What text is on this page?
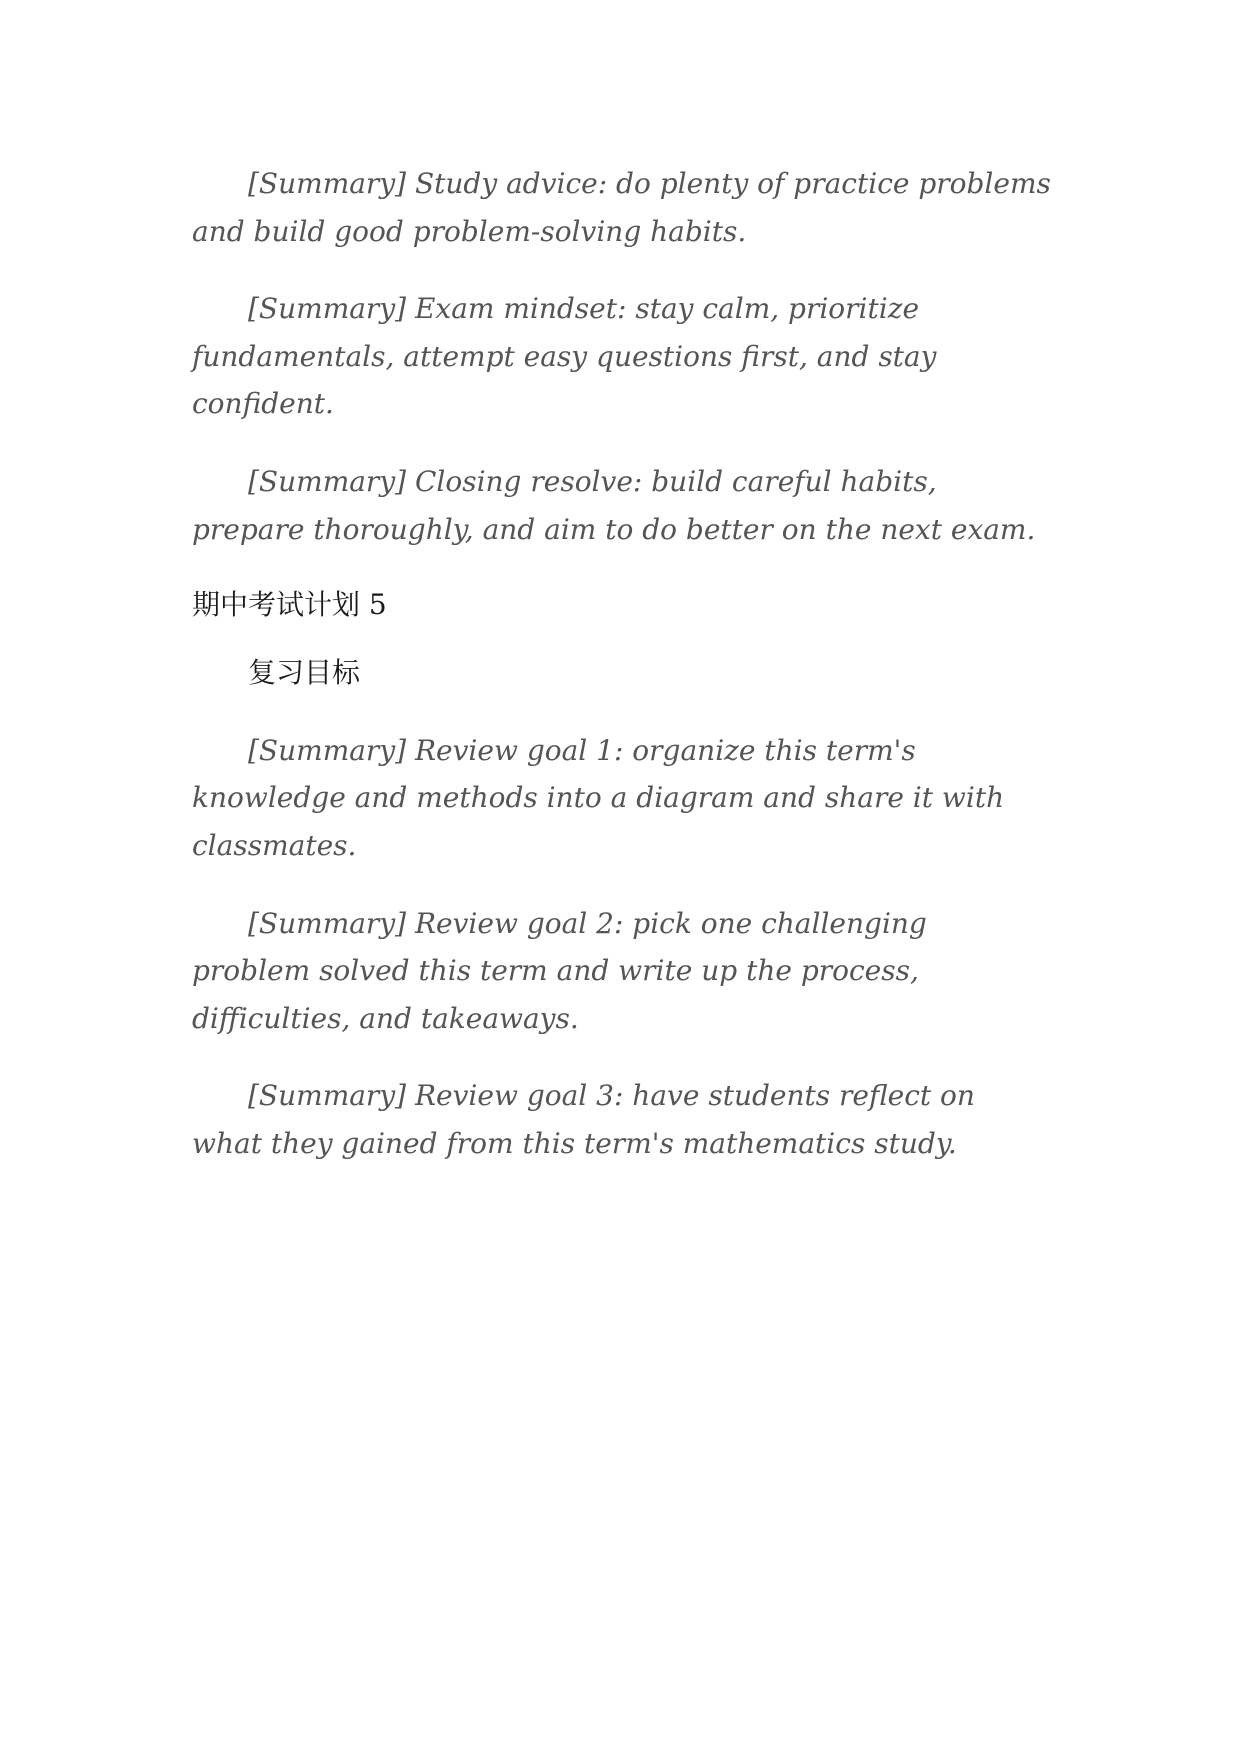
[Summary] Study advice: do plenty of practice problems and build good problem-solving habits.

[Summary] Exam mindset: stay calm, prioritize fundamentals, attempt easy questions first, and stay confident.

[Summary] Closing resolve: build careful habits, prepare thoroughly, and aim to do better on the next exam.

期中考试计划 5

复习目标

[Summary] Review goal 1: organize this term's knowledge and methods into a diagram and share it with classmates.

[Summary] Review goal 2: pick one challenging problem solved this term and write up the process, difficulties, and takeaways.

[Summary] Review goal 3: have students reflect on what they gained from this term's mathematics study.
